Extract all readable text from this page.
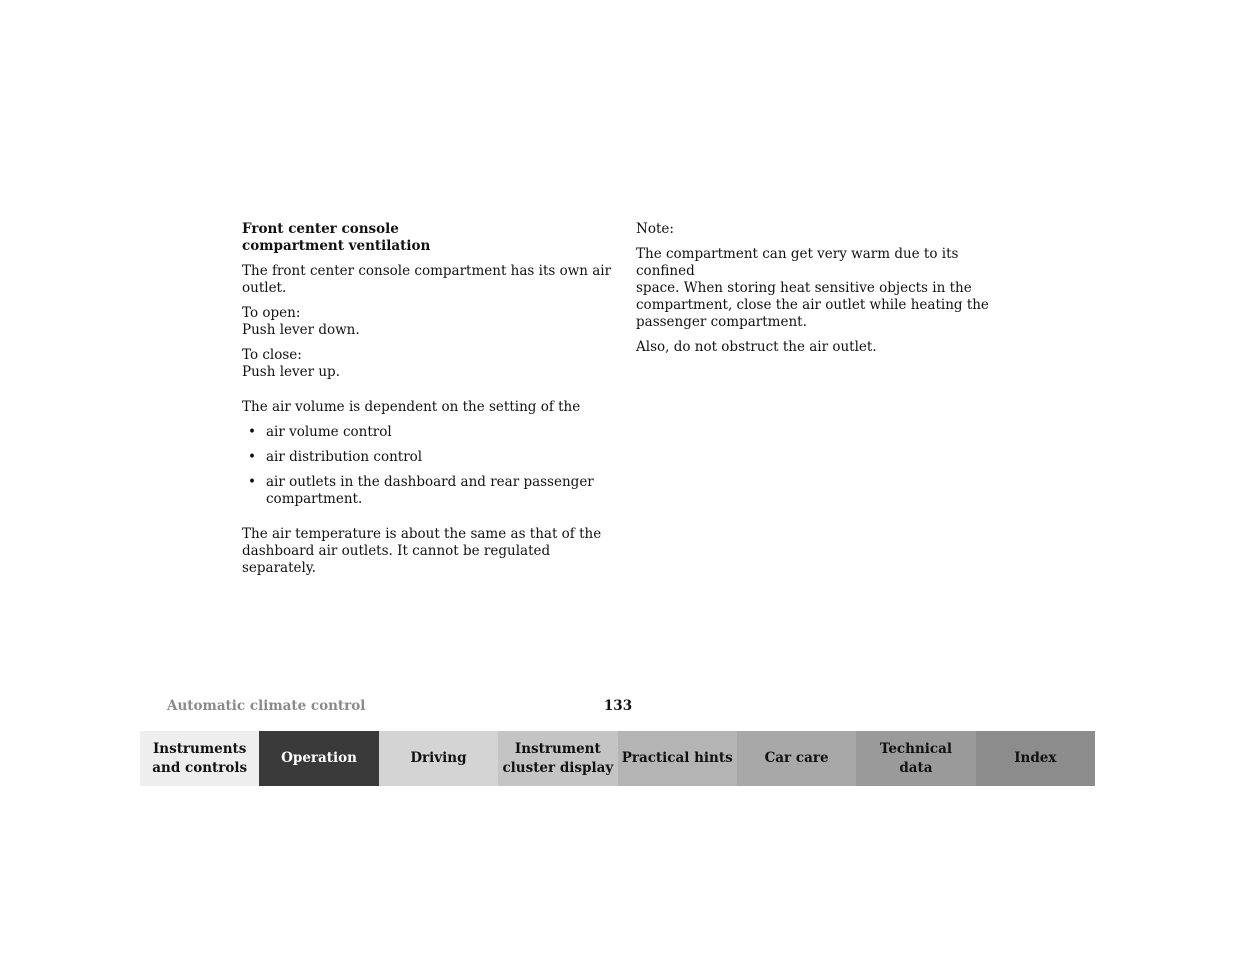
Front center console
compartment ventilation

The front center console compartment has its own air
outlet.

To open:
Push lever down.

To close:
Push lever up.

The air volume is dependent on the setting of the

• air volume control
• air distribution control
• air outlets in the dashboard and rear passenger
compartment.

The air temperature is about the same as that of the
dashboard air outlets. It cannot be regulated separately.

Note:

The compartment can get very warm due to its confined
space. When storing heat sensitive objects in the
compartment, close the air outlet while heating the
passenger compartment.

Also, do not obstruct the air outlet.

Automatic climate control	133
Instruments
and controls
Operation	Driving
Instrument
cluster display
Practical hints Car care
Technical
data
Index
